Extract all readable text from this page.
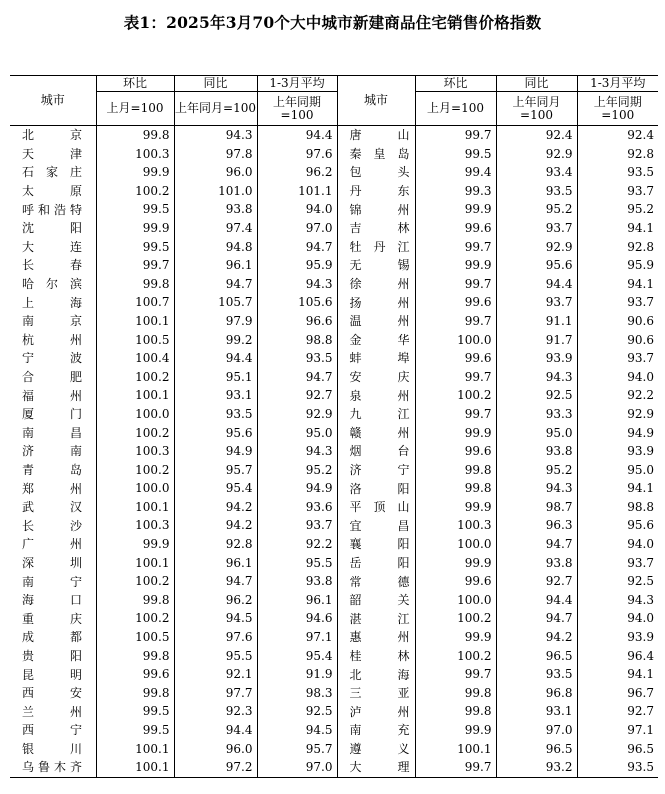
表1：2025年3月70个大中城市新建商品住宅销售价格指数
城市	环比	同比	1-3月平均	城市	环比	同比	1-3月平均
	上月=100	上年同月=100	上年同期=100		上月=100	上年同月=100	上年同期=100

北 京	99.8	94.3	94.4	唐 山	99.7	92.4	92.4

天 津	100.3	97.8	97.6	秦 皇 岛	99.5	92.9	92.8

石 家 庄	99.9	96.0	96.2	包 头	99.4	93.4	93.5

太 原	100.2	101.0	101.1	丹 东	99.3	93.5	93.7

呼 和 浩 特	99.5	93.8	94.0	锦 州	99.9	95.2	95.2

沈 阳	99.9	97.4	97.0	吉 林	99.6	93.7	94.1

大 连	99.5	94.8	94.7	牡 丹 江	99.7	92.9	92.8

长 春	99.7	96.1	95.9	无 锡	99.9	95.6	95.9

哈 尔 滨	99.8	94.7	94.3	徐 州	99.7	94.4	94.1

上 海	100.7	105.7	105.6	扬 州	99.6	93.7	93.7

南 京	100.1	97.9	96.6	温 州	99.7	91.1	90.6

杭 州	100.5	99.2	98.8	金 华	100.0	91.7	90.6

宁 波	100.4	94.4	93.5	蚌 埠	99.6	93.9	93.7

合 肥	100.2	95.1	94.7	安 庆	99.7	94.3	94.0

福 州	100.1	93.1	92.7	泉 州	100.2	92.5	92.2

厦 门	100.0	93.5	92.9	九 江	99.7	93.3	92.9

南 昌	100.2	95.6	95.0	赣 州	99.9	95.0	94.9

济 南	100.3	94.9	94.3	烟 台	99.6	93.8	93.9

青 岛	100.2	95.7	95.2	济 宁	99.8	95.2	95.0

郑 州	100.0	95.4	94.9	洛 阳	99.8	94.3	94.1

武 汉	100.1	94.2	93.6	平 顶 山	99.9	98.7	98.8

长 沙	100.3	94.2	93.7	宜 昌	100.3	96.3	95.6

广 州	99.9	92.8	92.2	襄 阳	100.0	94.7	94.0

深 圳	100.1	96.1	95.5	岳 阳	99.9	93.8	93.7

南 宁	100.2	94.7	93.8	常 德	99.6	92.7	92.5

海 口	99.8	96.2	96.1	韶 关	100.0	94.4	94.3

重 庆	100.2	94.5	94.6	湛 江	100.2	94.7	94.0

成 都	100.5	97.6	97.1	惠 州	99.9	94.2	93.9

贵 阳	99.8	95.5	95.4	桂 林	100.2	96.5	96.4

昆 明	99.6	92.1	91.9	北 海	99.7	93.5	94.1

西 安	99.8	97.7	98.3	三 亚	99.8	96.8	96.7

兰 州	99.5	92.3	92.5	泸 州	99.8	93.1	92.7

西 宁	99.5	94.4	94.5	南 充	99.9	97.0	97.1

银 川	100.1	96.0	95.7	遵 义	100.1	96.5	96.5

乌 鲁 木 齐	100.1	97.2	97.0	大 理	99.7	93.2	93.5
